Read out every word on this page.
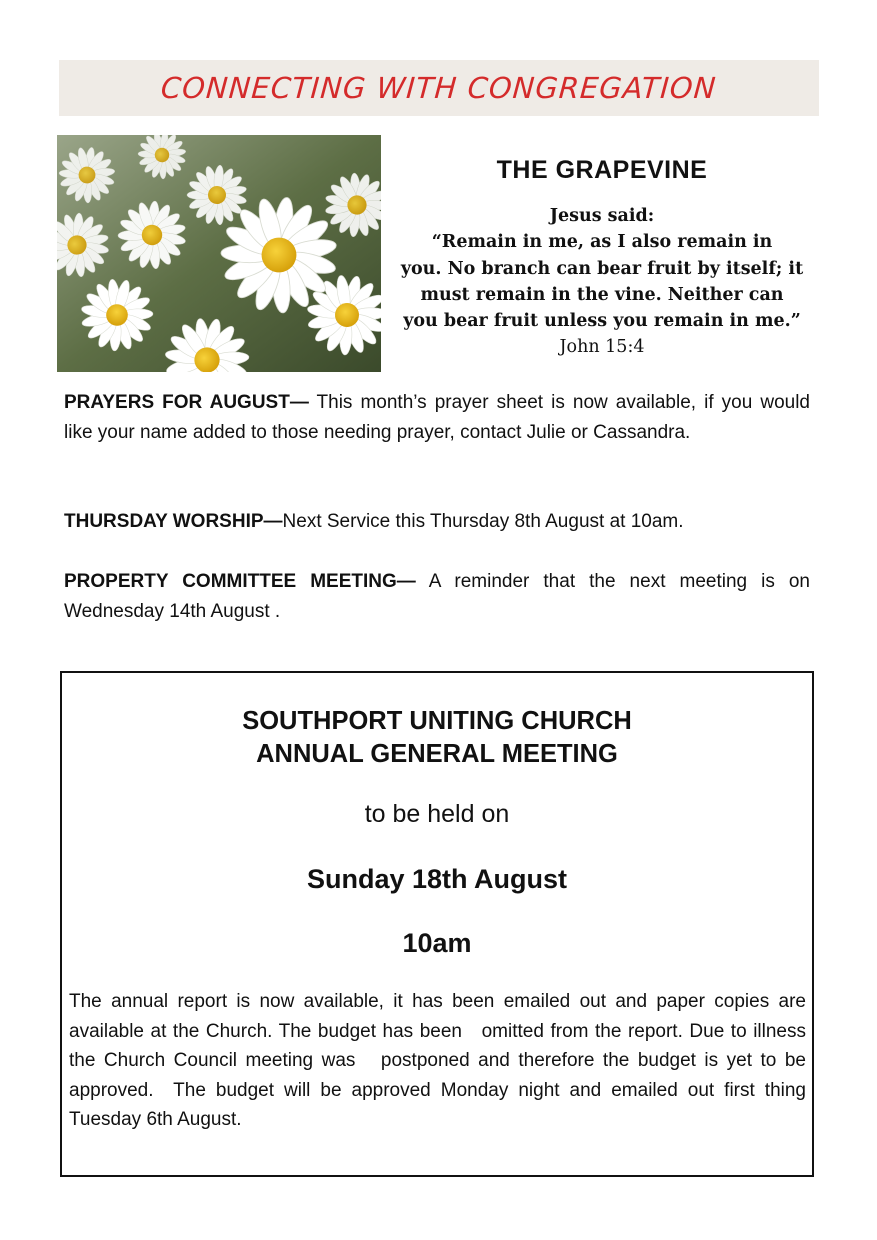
CONNECTING WITH CONGREGATION
THE GRAPEVINE
Jesus said:
“Remain in me, as I also remain in
you. No branch can bear fruit by itself; it
must remain in the vine. Neither can
you bear fruit unless you remain in me.”
John 15:4

PRAYERS FOR AUGUST— This month’s prayer sheet is now available, if you would like your name added to those needing prayer, contact Julie or Cassandra.

THURSDAY WORSHIP—Next Service this Thursday 8th August at 10am.

PROPERTY COMMITTEE MEETING— A reminder that the next meeting is on Wednesday 14th August .

SOUTHPORT UNITING CHURCH
ANNUAL GENERAL MEETING
to be held on
Sunday 18th August
10am

The annual report is now available, it has been emailed out and paper copies are available at the Church. The budget has been   omitted from the report. Due to illness the Church Council meeting was   postponed and therefore the budget is yet to be approved.  The budget will be approved Monday night and emailed out first thing Tuesday 6th August.
